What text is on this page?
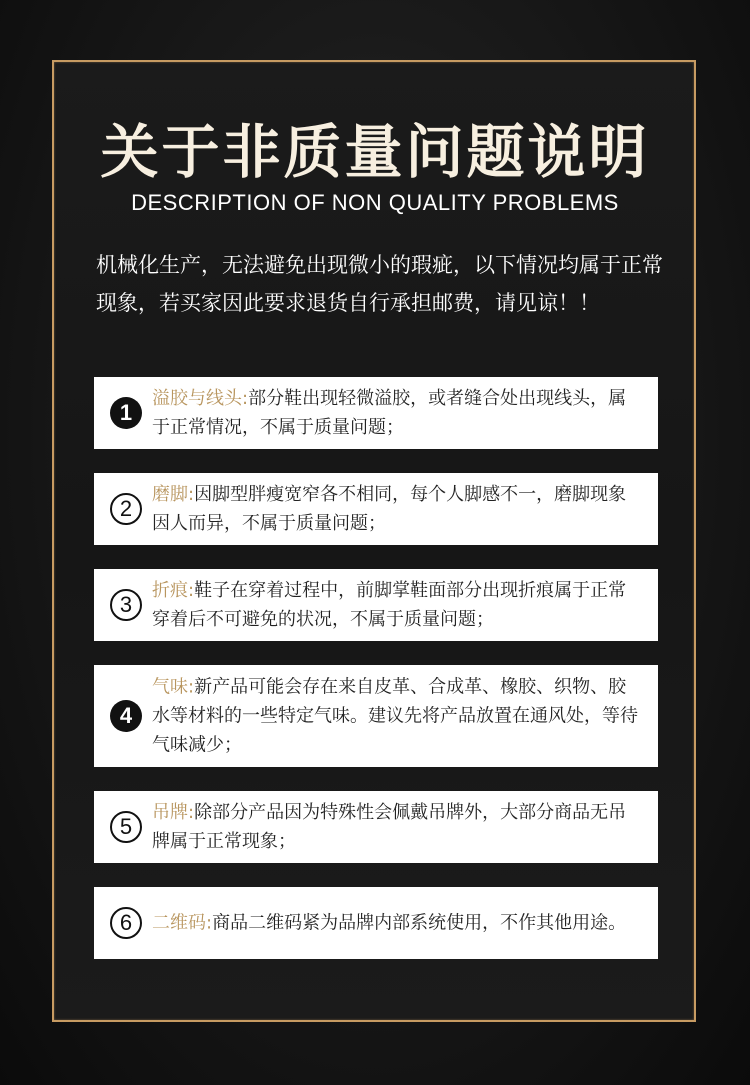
关于非质量问题说明
DESCRIPTION OF NON QUALITY PROBLEMS

机械化生产，无法避免出现微小的瑕疵，以下情况均属于正常现象，若买家因此要求退货自行承担邮费，请见谅！！

1
溢胶与线头:部分鞋出现轻微溢胶，或者缝合处出现线头，属于正常情况，不属于质量问题；
2
磨脚:因脚型胖瘦宽窄各不相同，每个人脚感不一，磨脚现象因人而异，不属于质量问题；
3
折痕:鞋子在穿着过程中，前脚掌鞋面部分出现折痕属于正常穿着后不可避免的状况，不属于质量问题；
4
气味:新产品可能会存在来自皮革、合成革、橡胶、织物、胶水等材料的一些特定气味。建议先将产品放置在通风处，等待气味减少；
5
吊牌:除部分产品因为特殊性会佩戴吊牌外，大部分商品无吊牌属于正常现象；
6	二维码:商品二维码紧为品牌内部系统使用，不作其他用途。
